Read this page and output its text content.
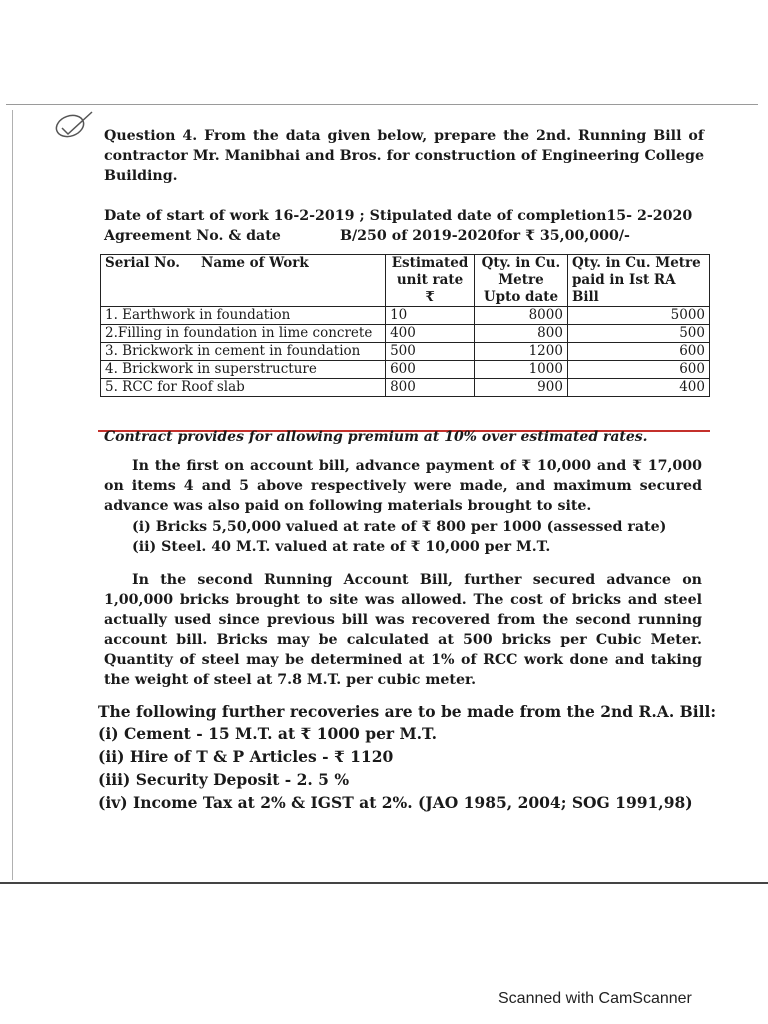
Question 4. From the data given below, prepare the 2nd. Running Bill of contractor Mr. Manibhai and Bros. for construction of Engineering College Building.
Date of start of work 16-2-2019 ; Stipulated date of completion15- 2-2020
Agreement No. & date	B/250 of 2019-2020for ₹ 35,00,000/-
Serial No. Name of Work	Estimated unit rate ₹	Qty. in Cu. Metre Upto date	Qty. in Cu. Metre paid in Ist RA Bill
1. Earthwork in foundation	10	8000	5000
2.Filling in foundation in lime concrete	400	800	500
3. Brickwork in cement in foundation	500	1200	600
4. Brickwork in superstructure	600	1000	600
5. RCC for Roof slab	800	900	400
Contract provides for allowing premium at 10% over estimated rates.
In the first on account bill, advance payment of ₹ 10,000 and ₹ 17,000 on items 4 and 5 above respectively were made, and maximum secured advance was also paid on following materials brought to site.
(i) Bricks 5,50,000 valued at rate of ₹ 800 per 1000 (assessed rate)
(ii) Steel. 40 M.T. valued at rate of ₹ 10,000 per M.T.
In the second Running Account Bill, further secured advance on 1,00,000 bricks brought to site was allowed. The cost of bricks and steel actually used since previous bill was recovered from the second running account bill. Bricks may be calculated at 500 bricks per Cubic Meter. Quantity of steel may be determined at 1% of RCC work done and taking the weight of steel at 7.8 M.T. per cubic meter.
The following further recoveries are to be made from the 2nd R.A. Bill:
(i) Cement - 15 M.T. at ₹ 1000 per M.T.
(ii) Hire of T & P Articles - ₹ 1120
(iii) Security Deposit - 2. 5 %
(iv) Income Tax at 2% & IGST at 2%. (JAO 1985, 2004; SOG 1991,98)
Scanned with CamScanner
